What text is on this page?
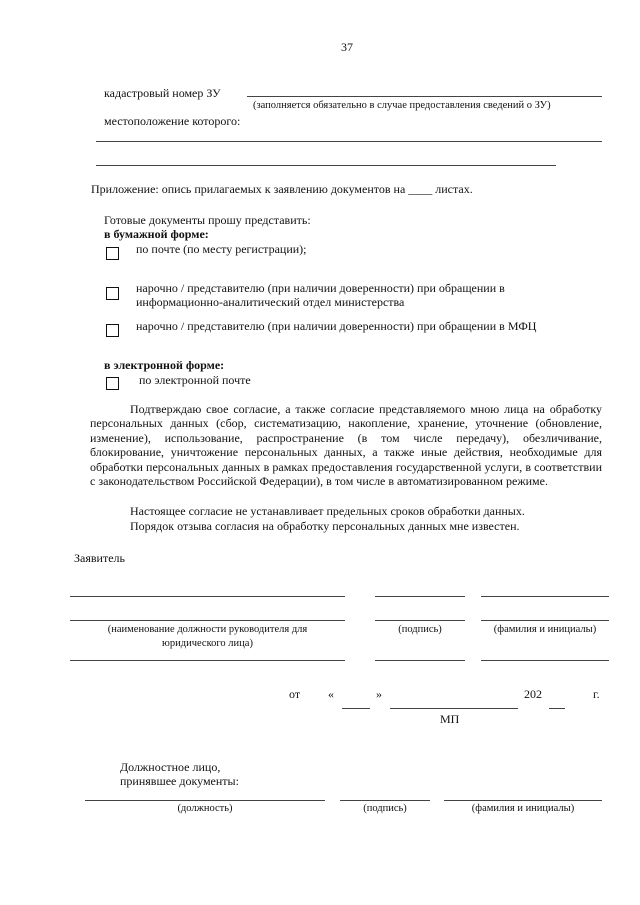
37
кадастровый номер ЗУ
(заполняется обязательно в случае предоставления сведений о ЗУ)
местоположение которого:
Приложение: опись прилагаемых к заявлению документов на ____ листах.
Готовые документы прошу представить:
в бумажной форме:
по почте (по месту регистрации);
нарочно / представителю (при наличии доверенности) при обращении в
информационно-аналитический отдел министерства
нарочно / представителю (при наличии доверенности) при обращении в МФЦ
в электронной форме:
по электронной почте
Подтверждаю свое согласие, а также согласие представляемого мною лица на обработку персональных данных (сбор, систематизацию, накопление, хранение, уточнение (обновление, изменение), использование, распространение (в том числе передачу), обезличивание, блокирование, уничтожение персональных данных, а также иные действия, необходимые для обработки персональных данных в рамках предоставления государственной услуги, в соответствии с законодательством Российской Федерации), в том числе в автоматизированном режиме.
Настоящее согласие не устанавливает предельных сроков обработки данных.
Порядок отзыва согласия на обработку персональных данных мне известен.
Заявитель
(наименование должности руководителя для
юридического лица)
(подпись)	(фамилия и инициалы)
от «	»	202	г.
МП
Должностное лицо,
принявшее документы:
(должность)	(подпись)	(фамилия и инициалы)
